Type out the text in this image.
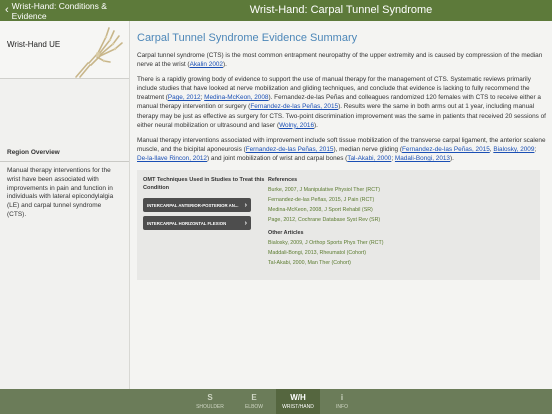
‹ Wrist-Hand: Conditions & Evidence	Wrist-Hand: Carpal Tunnel Syndrome
Wrist-Hand UE
Region Overview
Manual therapy interventions for the wrist have been associated with improvements in pain and function in individuals with lateral epicondylalgia (LE) and carpal tunnel syndrome (CTS).
Carpal Tunnel Syndrome Evidence Summary

Carpal tunnel syndrome (CTS) is the most common entrapment neuropathy of the upper extremity and is caused by compression of the median nerve at the wrist (Akalin 2002).

There is a rapidly growing body of evidence to support the use of manual therapy for the management of CTS. Systematic reviews primarily include studies that have looked at nerve mobilization and gliding techniques, and conclude that evidence is lacking to fully recommend the treatment (Page, 2012; Medina-McKeon, 2008). Fernandez-de-las Peñas and colleagues randomized 120 females with CTS to receive either a manual therapy intervention or surgery (Fernandez-de-las Peñas, 2015). Results were the same in both arms out at 1 year, including manual therapy may be just as effective as surgery for CTS. Two-point discrimination improvement was the same in patients that received 20 sessions of either neural mobilization or ultrasound and laser (Wolny, 2016).

Manual therapy interventions associated with improvement include soft tissue mobilization of the transverse carpal ligament, the anterior scalene muscle, and the bicipital aponeurosis (Fernandez-de-las Peñas, 2015), median nerve gliding (Fernandez-de-las Peñas, 2015, Bialosky, 2009; De-la-llave Rincon, 2012) and joint mobilization of wrist and carpal bones (Tal-Akabi, 2000; Madali-Bongi, 2013).

OMT Techniques Used in Studies to Treat this Condition
INTERCARPAL ANTERIOR-POSTERIOR AN... ›
INTERCARPAL HORIZONTAL FLEXION	›
References
Burke, 2007, J Manipulative Physiol Ther (RCT)
Fernandez-de-las Peñas, 2015, J Pain (RCT)
Medina-McKeon, 2008, J Sport Rehabil (SR)
Page, 2012, Cochrane Database Syst Rev (SR)
Other Articles
Bialosky, 2009, J Orthop Sports Phys Ther (RCT)
Maddali-Bongi, 2013, Rheumatol (Cohort)
Tal-Akabi, 2000, Man Ther (Cohort)
S
SHOULDER
E
ELBOW
W/H
WRIST/HAND
i
INFO
